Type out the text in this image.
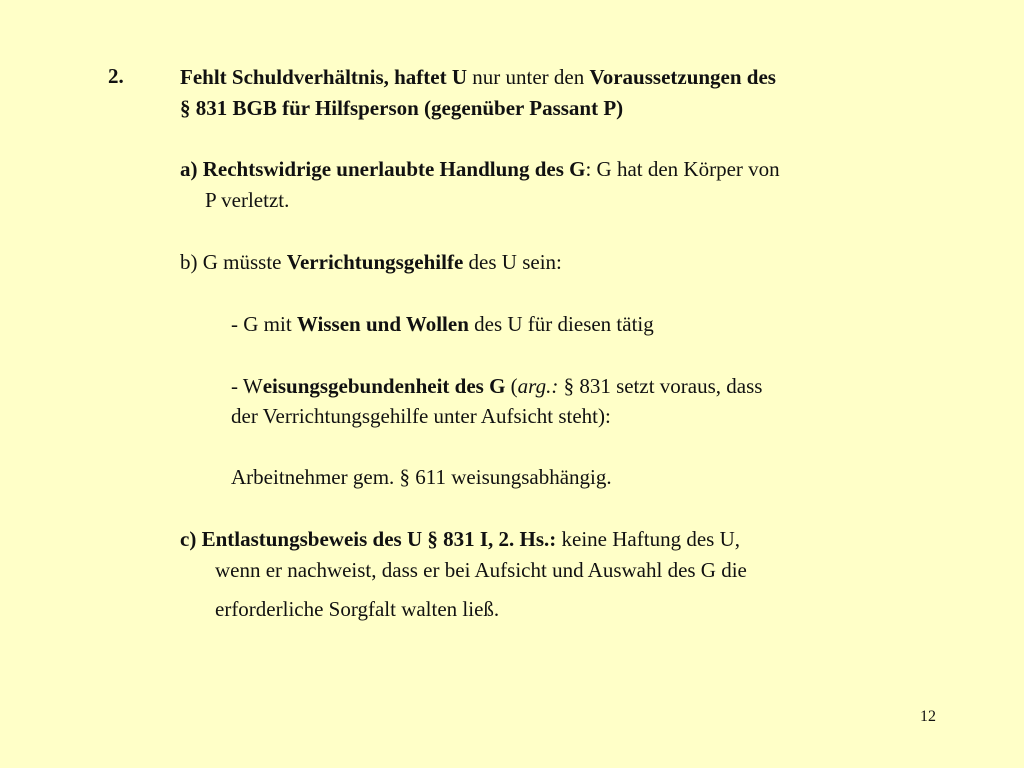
2.	Fehlt Schuldverhältnis, haftet U nur unter den Voraussetzungen des
§ 831 BGB für Hilfsperson (gegenüber Passant P)
a) Rechtswidrige unerlaubte Handlung des G: G hat den Körper von
P verletzt.
b) G müsste Verrichtungsgehilfe des U sein:
- G mit Wissen und Wollen des U für diesen tätig
- Weisungsgebundenheit des G (arg.: § 831 setzt voraus, dass
der Verrichtungsgehilfe unter Aufsicht steht):
Arbeitnehmer gem. § 611 weisungsabhängig.
c) Entlastungsbeweis des U § 831 I, 2. Hs.: keine Haftung des U,
wenn er nachweist, dass er bei Aufsicht und Auswahl des G die
erforderliche Sorgfalt walten ließ.
12
